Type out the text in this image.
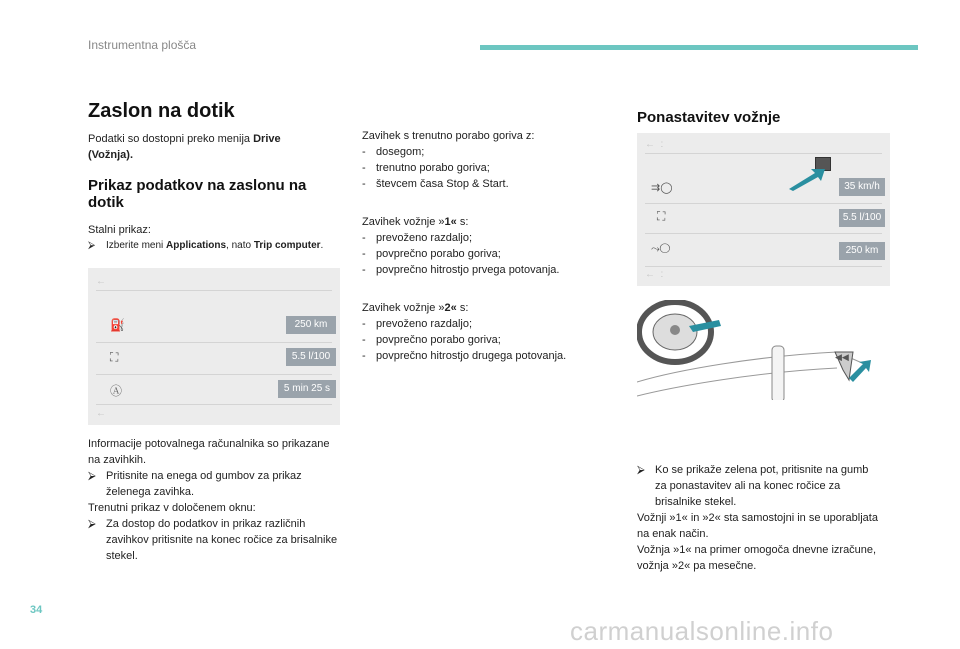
Instrumentna plošča
Zaslon na dotik

Podatki so dostopni preko menija Drive
(Vožnja).

Prikaz podatkov na zaslonu na dotik

Stalni prikaz:

⮚	Izberite meni Applications, nato Trip computer.
←
⛽	250 km
⛶	5.5 l/100
Ⓐ	5 min 25 s
←

Informacije potovalnega računalnika so prikazane na zavihkih.

⮚ Pritisnite na enega od gumbov za prikaz želenega zavihka.

Trenutni prikaz v določenem oknu:

⮚ Za dostop do podatkov in prikaz različnih zavihkov pritisnite na konec ročice za brisalnike stekel.

Zavihek s trenutno porabo goriva z:

- dosegom;
- trenutno porabo goriva;
- števcem časa Stop & Start.

Zavihek vožnje »1« s:

- prevoženo razdaljo;
- povprečno porabo goriva;
- povprečno hitrostjo prvega potovanja.

Zavihek vožnje »2« s:

- prevoženo razdaljo;
- povprečno porabo goriva;
- povprečno hitrostjo drugega potovanja.
Ponastavitev vožnje
←  :
⇉◯	35 km/h
⛶	5.5 l/100
⤳◯	250 km
←  :
◀◀
⮚ Ko se prikaže zelena pot, pritisnite na gumb za ponastavitev ali na konec ročice za brisalnike stekel.

Vožnji »1« in »2« sta samostojni in se uporabljata na enak način.

Vožnja »1« na primer omogoča dnevne izračune, vožnja »2« pa mesečne.

34
carmanualsonline.info
